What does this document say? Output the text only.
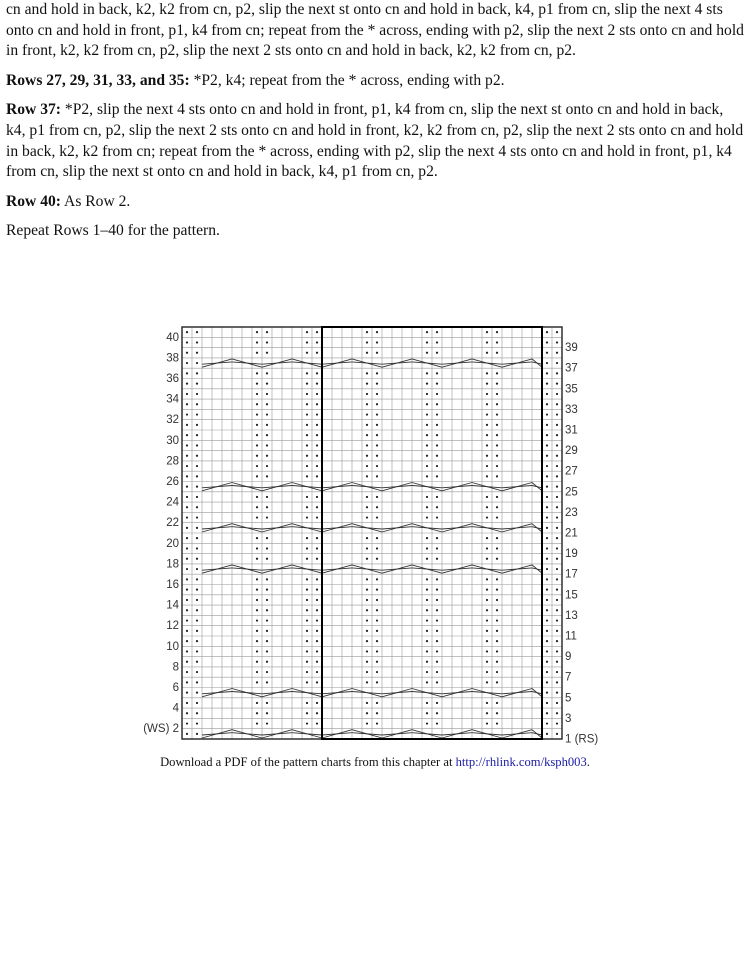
cn and hold in back, k2, k2 from cn, p2, slip the next st onto cn and hold in back, k4, p1 from cn, slip the next 4 sts onto cn and hold in front, p1, k4 from cn; repeat from the * across, ending with p2, slip the next 2 sts onto cn and hold in front, k2, k2 from cn, p2, slip the next 2 sts onto cn and hold in back, k2, k2 from cn, p2.

Rows 27, 29, 31, 33, and 35: *P2, k4; repeat from the * across, ending with p2.

Row 37: *P2, slip the next 4 sts onto cn and hold in front, p1, k4 from cn, slip the next st onto cn and hold in back, k4, p1 from cn, p2, slip the next 2 sts onto cn and hold in front, k2, k2 from cn, p2, slip the next 2 sts onto cn and hold in back, k2, k2 from cn; repeat from the * across, ending with p2, slip the next 4 sts onto cn and hold in front, p1, k4 from cn, slip the next st onto cn and hold in back, k4, p1 from cn, p2.

Row 40: As Row 2.

Repeat Rows 1–40 for the pattern.

40
38
36
34
32
30
28
26
24
22
20
18
16
14
12
10
8
6
4
(WS) 2
39
37
35
33
31
29
27
25
23
21
19
17
15
13
11
9
7
5
3
1 (RS)
Download a PDF of the pattern charts from this chapter at http://rhlink.com/ksph003.
